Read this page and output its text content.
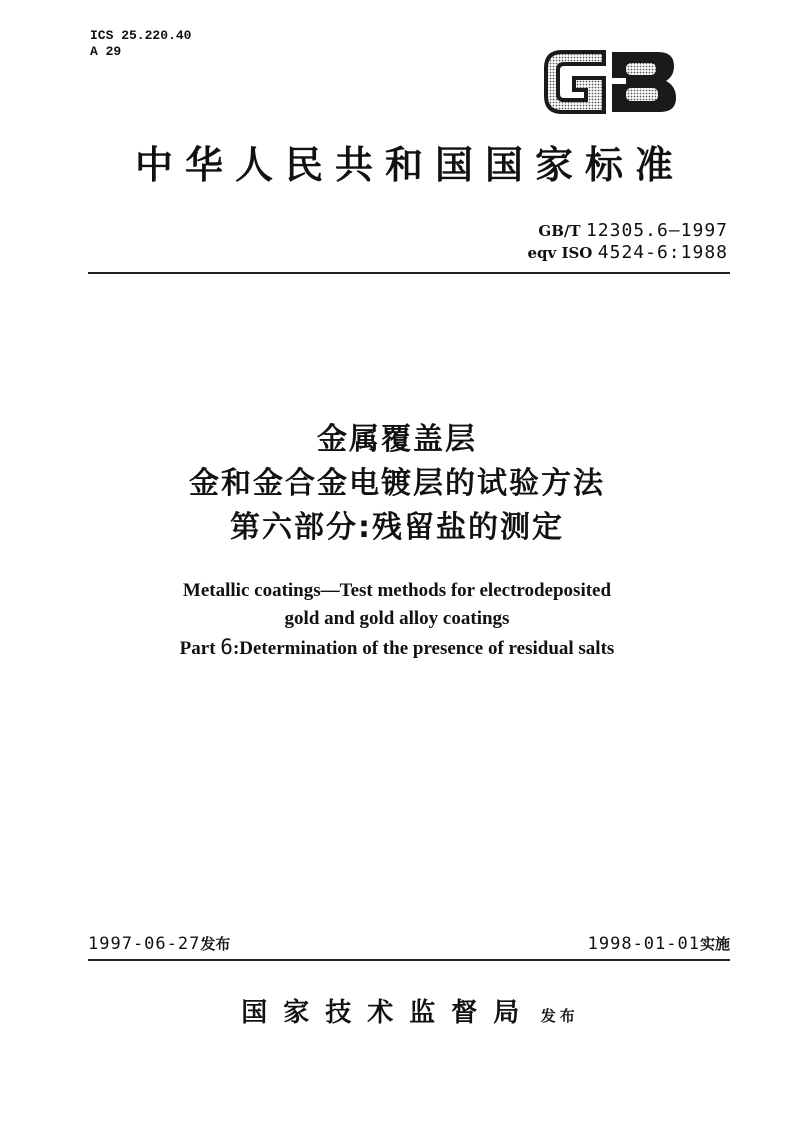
ICS 25.220.40
A 29
中华人民共和国国家标准
GB/T 12305.6—1997
eqv ISO 4524-6:1988
金属覆盖层
金和金合金电镀层的试验方法
第六部分:残留盐的测定
Metallic coatings—Test methods for electrodeposited
gold and gold alloy coatings
Part 6:Determination of the presence of residual salts
1997-06-27发布	1998-01-01实施
国家技术监督局 发布
